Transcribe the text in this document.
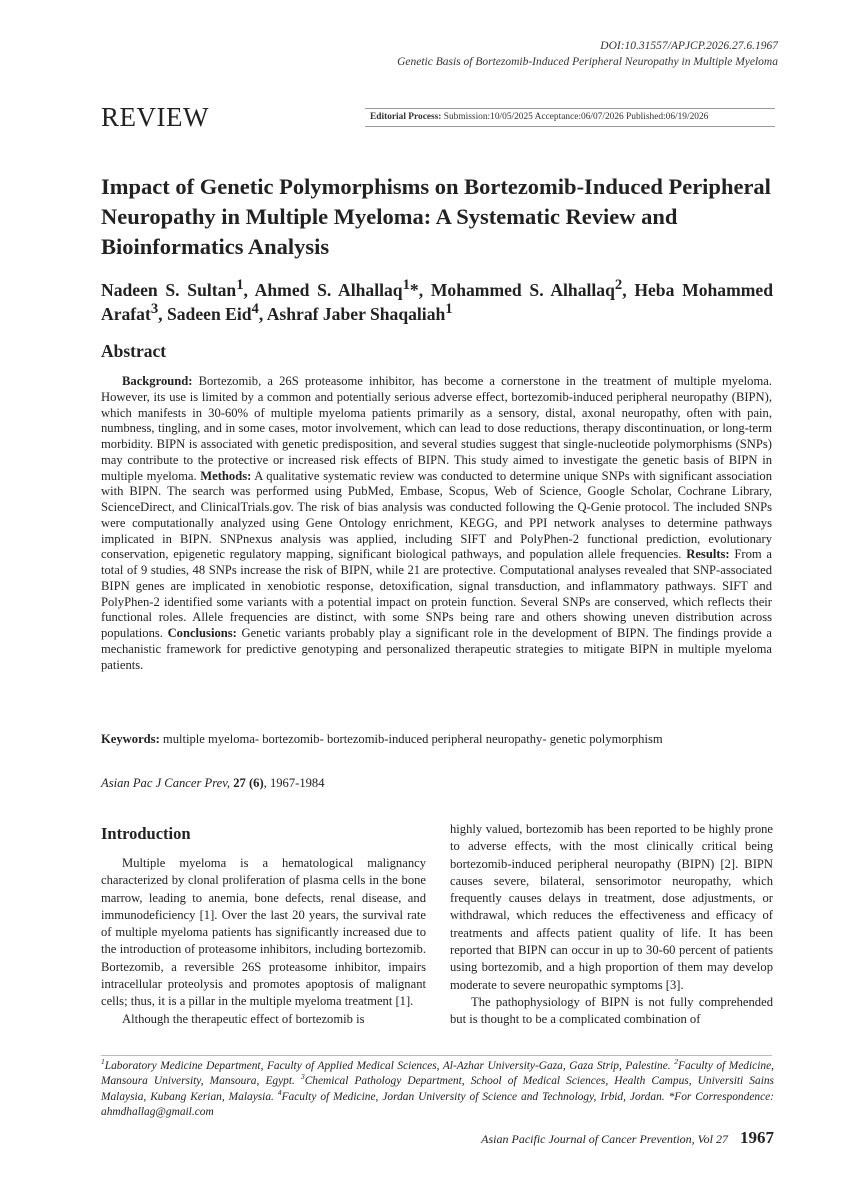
DOI:10.31557/APJCP.2026.27.6.1967
Genetic Basis of Bortezomib-Induced Peripheral Neuropathy in Multiple Myeloma
REVIEW	Editorial Process: Submission:10/05/2025 Acceptance:06/07/2026 Published:06/19/2026
Impact of Genetic Polymorphisms on Bortezomib-Induced Peripheral Neuropathy in Multiple Myeloma: A Systematic Review and Bioinformatics Analysis
Nadeen S. Sultan$^1$, Ahmed S. Alhallaq$^1$*, Mohammed S. Alhallaq$^2$, Heba Mohammed Arafat$^3$, Sadeen Eid$^4$, Ashraf Jaber Shaqaliah$^1$
Abstract

Background: Bortezomib, a 26S proteasome inhibitor, has become a cornerstone in the treatment of multiple myeloma. However, its use is limited by a common and potentially serious adverse effect, bortezomib-induced peripheral neuropathy (BIPN), which manifests in 30-60% of multiple myeloma patients primarily as a sensory, distal, axonal neuropathy, often with pain, numbness, tingling, and in some cases, motor involvement, which can lead to dose reductions, therapy discontinuation, or long-term morbidity. BIPN is associated with genetic predisposition, and several studies suggest that single-nucleotide polymorphisms (SNPs) may contribute to the protective or increased risk effects of BIPN. This study aimed to investigate the genetic basis of BIPN in multiple myeloma. Methods: A qualitative systematic review was conducted to determine unique SNPs with significant association with BIPN. The search was performed using PubMed, Embase, Scopus, Web of Science, Google Scholar, Cochrane Library, ScienceDirect, and ClinicalTrials.gov. The risk of bias analysis was conducted following the Q-Genie protocol. The included SNPs were computationally analyzed using Gene Ontology enrichment, KEGG, and PPI network analyses to determine pathways implicated in BIPN. SNPnexus analysis was applied, including SIFT and PolyPhen-2 functional prediction, evolutionary conservation, epigenetic regulatory mapping, significant biological pathways, and population allele frequencies. Results: From a total of 9 studies, 48 SNPs increase the risk of BIPN, while 21 are protective. Computational analyses revealed that SNP-associated BIPN genes are implicated in xenobiotic response, detoxification, signal transduction, and inflammatory pathways. SIFT and PolyPhen-2 identified some variants with a potential impact on protein function. Several SNPs are conserved, which reflects their functional roles. Allele frequencies are distinct, with some SNPs being rare and others showing uneven distribution across populations. Conclusions: Genetic variants probably play a significant role in the development of BIPN. The findings provide a mechanistic framework for predictive genotyping and personalized therapeutic strategies to mitigate BIPN in multiple myeloma patients.

Keywords: multiple myeloma- bortezomib- bortezomib-induced peripheral neuropathy- genetic polymorphism
Asian Pac J Cancer Prev, 27 (6), 1967-1984
Introduction

Multiple myeloma is a hematological malignancy characterized by clonal proliferation of plasma cells in the bone marrow, leading to anemia, bone defects, renal disease, and immunodeficiency [1]. Over the last 20 years, the survival rate of multiple myeloma patients has significantly increased due to the introduction of proteasome inhibitors, including bortezomib. Bortezomib, a reversible 26S proteasome inhibitor, impairs intracellular proteolysis and promotes apoptosis of malignant cells; thus, it is a pillar in the multiple myeloma treatment [1].

Although the therapeutic effect of bortezomib is

highly valued, bortezomib has been reported to be highly prone to adverse effects, with the most clinically critical being bortezomib-induced peripheral neuropathy (BIPN) [2]. BIPN causes severe, bilateral, sensorimotor neuropathy, which frequently causes delays in treatment, dose adjustments, or withdrawal, which reduces the effectiveness and efficacy of treatments and affects patient quality of life. It has been reported that BIPN can occur in up to 30-60 percent of patients using bortezomib, and a high proportion of them may develop moderate to severe neuropathic symptoms [3].

The pathophysiology of BIPN is not fully comprehended but is thought to be a complicated combination of

$^1$Laboratory Medicine Department, Faculty of Applied Medical Sciences, Al-Azhar University-Gaza, Gaza Strip, Palestine. $^2$Faculty of Medicine, Mansoura University, Mansoura, Egypt. $^3$Chemical Pathology Department, School of Medical Sciences, Health Campus, Universiti Sains Malaysia, Kubang Kerian, Malaysia. $^4$Faculty of Medicine, Jordan University of Science and Technology, Irbid, Jordan. *For Correspondence: ahmdhallag@gmail.com
Asian Pacific Journal of Cancer Prevention, Vol 27 1967
